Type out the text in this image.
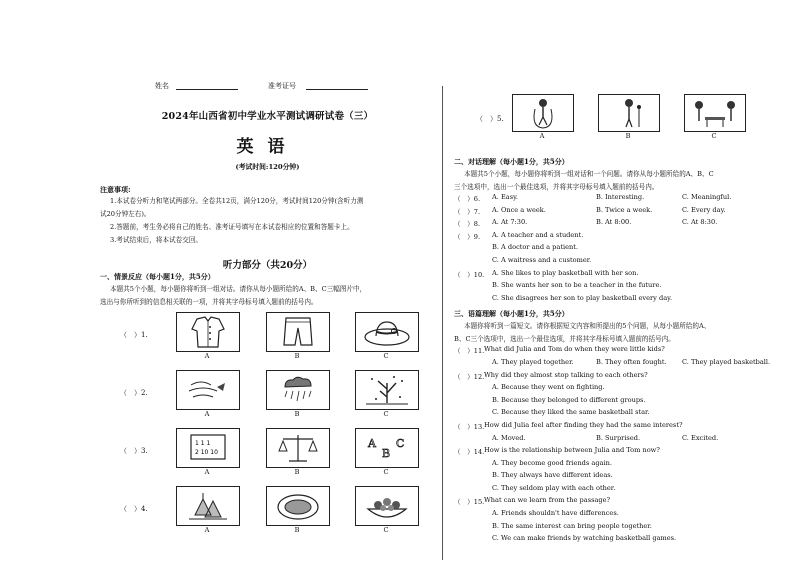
姓名	准考证号
2024年山西省初中学业水平测试调研试卷（三）
英语
(考试时间:120分钟)
注意事项:
1.本试卷分听力和笔试两部分。全卷共12页，满分120分，考试时间120分钟(含听力测
试20分钟左右)。
2.答题前，考生务必将自己的姓名、准考证号填写在本试卷相应的位置和答题卡上。
3.考试结束后，将本试卷交回。
听力部分（共20分）
一、情景反应（每小题1分，共5分）
本题共5个小题，每小题你将听到一组对话。请你从每小题所给的A、B、C三幅图片中，
选出与你所听到的信息相关联的一项，并将其字母标号填入题前的括号内。
（　）1.
A	B	C
（　）2.
A	B	C
（　）3.
1 1 1
2 10 10
A
B
C
A	B	C
（　）4.
A	B	C
（　）5.
A	B	C
二、对话理解（每小题1分，共5分）
本题共5个小题，每小题你将听到一组对话和一个问题。请你从每小题所给的A、B、C
三个选项中，选出一个最佳选项，并将其字母标号填入题前的括号内。
（　）6. A. Easy.	B. Interesting.	C. Meaningful.
（　）7. A. Once a week.	B. Twice a week.	C. Every day.
（　）8. A. At 7:30.	B. At 8:00.	C. At 8:30.
（　）9. A. A teacher and a student.
B. A doctor and a patient.
C. A waitress and a customer.
（　）10. A. She likes to play basketball with her son.
B. She wants her son to be a teacher in the future.
C. She disagrees her son to play basketball every day.
三、语篇理解（每小题1分，共5分）
本题你将听到一篇短文。请你根据短文内容和所提出的5个问题，从每小题所给的A、
B、C三个选项中，选出一个最佳选项，并将其字母标号填入题前的括号内。
（　）11. What did Julia and Tom do when they were little kids?
A. They played together.	B. They often fought. C. They played basketball.
（　）12. Why did they almost stop talking to each others?
A. Because they went on fighting.
B. Because they belonged to different groups.
C. Because they liked the same basketball star.
（　）13. How did Julia feel after finding they had the same interest?
A. Moved.	B. Surprised.	C. Excited.
（　）14. How is the relationship between Julia and Tom now?
A. They become good friends again.
B. They always have different ideas.
C. They seldom play with each other.
（　）15. What can we learn from the passage?
A. Friends shouldn't have differences.
B. The same interest can bring people together.
C. We can make friends by watching basketball games.
